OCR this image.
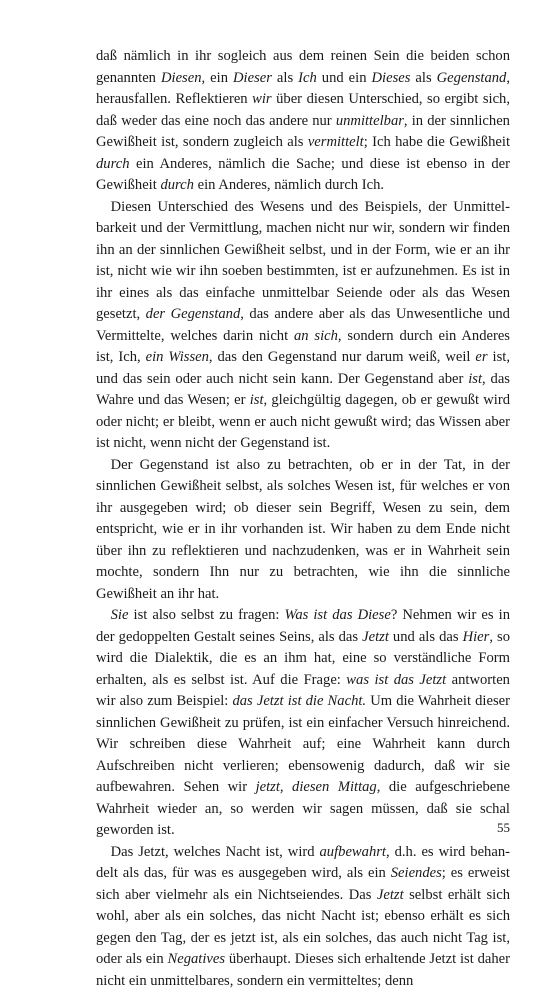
daß nämlich in ihr sogleich aus dem reinen Sein die beiden schon genannten Diesen, ein Dieser als Ich und ein Dieses als Gegenstand, herausfallen. Reflektieren wir über diesen Unterschied, so ergibt sich, daß weder das eine noch das andere nur unmittelbar, in der sinnlichen Gewißheit ist, sondern zugleich als vermittelt; Ich habe die Gewißheit durch ein Anderes, nämlich die Sache; und diese ist ebenso in der Gewißheit durch ein Anderes, nämlich durch Ich.

Diesen Unterschied des Wesens und des Beispiels, der Unmittelbarkeit und der Vermittlung, machen nicht nur wir, sondern wir finden ihn an der sinnlichen Gewißheit selbst, und in der Form, wie er an ihr ist, nicht wie wir ihn soeben bestimmten, ist er aufzunehmen. Es ist in ihr eines als das einfache unmittelbar Seiende oder als das Wesen gesetzt, der Gegenstand, das andere aber als das Unwesentliche und Vermittelte, welches darin nicht an sich, sondern durch ein Anderes ist, Ich, ein Wissen, das den Gegenstand nur darum weiß, weil er ist, und das sein oder auch nicht sein kann. Der Gegenstand aber ist, das Wahre und das Wesen; er ist, gleichgültig dagegen, ob er gewußt wird oder nicht; er bleibt, wenn er auch nicht gewußt wird; das Wissen aber ist nicht, wenn nicht der Gegenstand ist.

Der Gegenstand ist also zu betrachten, ob er in der Tat, in der sinnlichen Gewißheit selbst, als solches Wesen ist, für welches er von ihr ausgegeben wird; ob dieser sein Begriff, Wesen zu sein, dem entspricht, wie er in ihr vorhanden ist. Wir haben zu dem Ende nicht über ihn zu reflektieren und nachzudenken, was er in Wahrheit sein mochte, sondern Ihn nur zu betrachten, wie ihn die sinnliche Gewißheit an ihr hat.

Sie ist also selbst zu fragen: Was ist das Diese? Nehmen wir es in der gedoppelten Gestalt seines Seins, als das Jetzt und als das Hier, so wird die Dialektik, die es an ihm hat, eine so verständliche Form erhalten, als es selbst ist. Auf die Frage: was ist das Jetzt antworten wir also zum Beispiel: das Jetzt ist die Nacht. Um die Wahrheit dieser sinnlichen Gewißheit zu prüfen, ist ein einfacher Versuch hinreichend. Wir schreiben diese Wahrheit auf; eine Wahrheit kann durch Aufschreiben nicht verlieren; ebensowenig dadurch, daß wir sie aufbewahren. Sehen wir jetzt, diesen Mittag, die aufgeschriebene Wahrheit wieder an, so werden wir sagen müssen, daß sie schal geworden ist.

Das Jetzt, welches Nacht ist, wird aufbewahrt, d.h. es wird behandelt als das, für was es ausgegeben wird, als ein Seiendes; es erweist sich aber vielmehr als ein Nichtseiendes. Das Jetzt selbst erhält sich wohl, aber als ein solches, das nicht Nacht ist; ebenso erhält es sich gegen den Tag, der es jetzt ist, als ein solches, das auch nicht Tag ist, oder als ein Negatives überhaupt. Dieses sich erhaltende Jetzt ist daher nicht ein unmittelbares, sondern ein vermitteltes; denn

55
